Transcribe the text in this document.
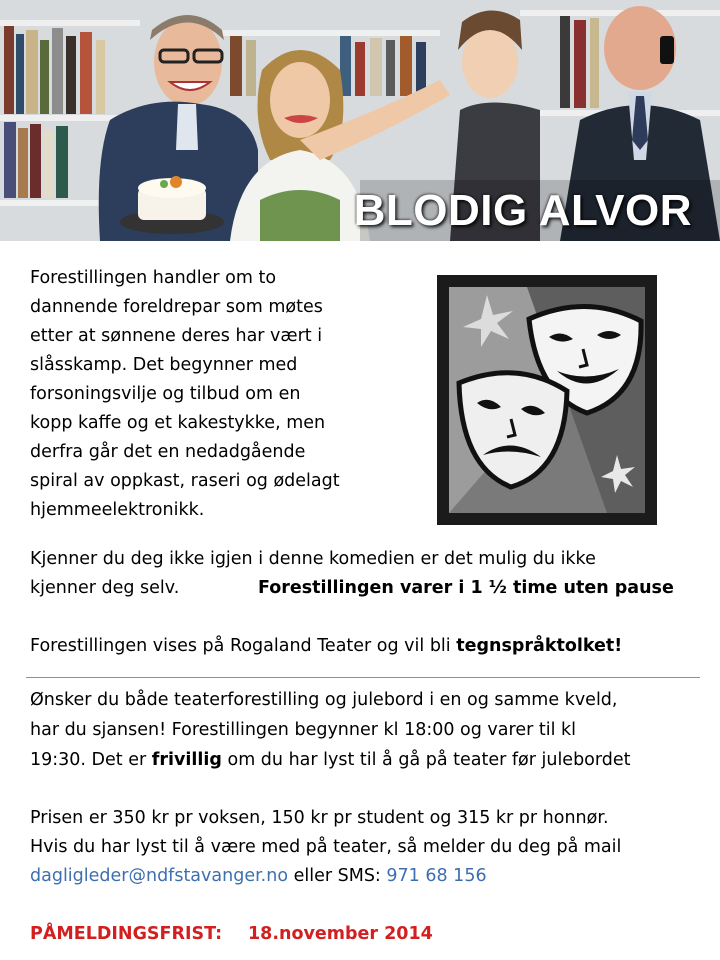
BLODIG ALVOR
Forestillingen handler om to
dannende foreldrepar som møtes
etter at sønnene deres har vært i
slåsskamp. Det begynner med
forsoningsvilje og tilbud om en
kopp kaffe og et kakestykke, men
derfra går det en nedadgående
spiral av oppkast, raseri og ødelagt
hjemmeelektronikk.
Kjenner du deg ikke igjen i denne komedien er det mulig du ikke
kjenner deg selv.	Forestillingen varer i 1 ½ time uten pause
Forestillingen vises på Rogaland Teater og vil bli tegnspråktolket!
Ønsker du både teaterforestilling og julebord i en og samme kveld,
har du sjansen! Forestillingen begynner kl 18:00 og varer til kl
19:30. Det er frivillig om du har lyst til å gå på teater før julebordet
Prisen er 350 kr pr voksen, 150 kr pr student og 315 kr pr honnør.
Hvis du har lyst til å være med på teater, så melder du deg på mail
dagligleder@ndfstavanger.no eller SMS: 971 68 156
PÅMELDINGSFRIST: 18.november 2014
